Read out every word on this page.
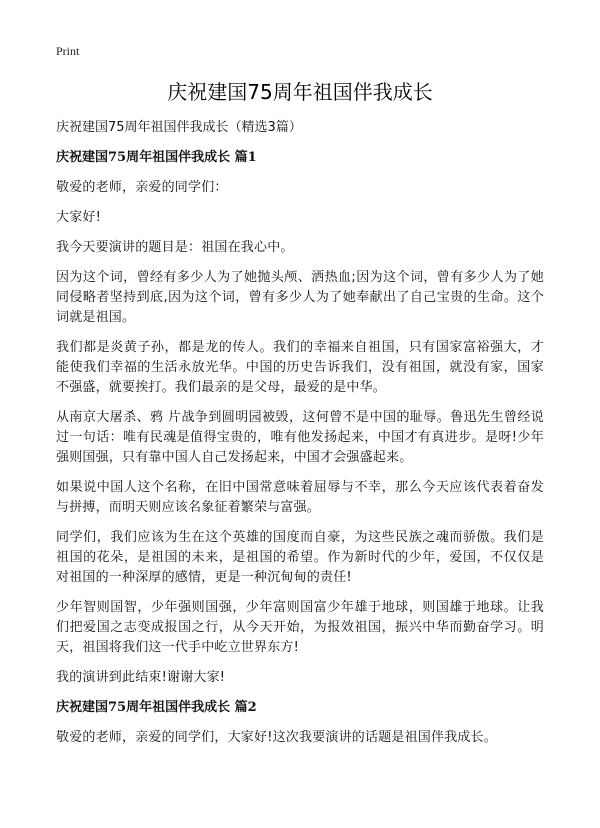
Print
庆祝建国75周年祖国伴我成长

庆祝建国75周年祖国伴我成长（精选3篇）

庆祝建国75周年祖国伴我成长 篇1

敬爱的老师，亲爱的同学们：

大家好!

我今天要演讲的题目是：祖国在我心中。

因为这个词，曾经有多少人为了她抛头颅、洒热血;因为这个词，曾有多少人为了她同侵略者坚持到底,因为这个词，曾有多少人为了她奉献出了自己宝贵的生命。这个词就是祖国。

我们都是炎黄子孙，都是龙的传人。我们的幸福来自祖国，只有国家富裕强大，才能使我们幸福的生活永放光华。中国的历史告诉我们，没有祖国，就没有家，国家不强盛，就要挨打。我们最亲的是父母，最爱的是中华。

从南京大屠杀、鸦 片战争到圆明园被毁，这何曾不是中国的耻辱。鲁迅先生曾经说过一句话：唯有民魂是值得宝贵的，唯有他发扬起来，中国才有真进步。是呀!少年强则国强，只有靠中国人自己发扬起来，中国才会强盛起来。

如果说中国人这个名称，在旧中国常意味着屈辱与不幸，那么今天应该代表着奋发与拼搏，而明天则应该名象征着繁荣与富强。

同学们，我们应该为生在这个英雄的国度而自豪，为这些民族之魂而骄傲。我们是祖国的花朵，是祖国的未来，是祖国的希望。作为新时代的少年，爱国，不仅仅是对祖国的一种深厚的感情，更是一种沉甸甸的责任!

少年智则国智，少年强则国强，少年富则国富少年雄于地球，则国雄于地球。让我们把爱国之志变成报国之行，从今天开始，为报效祖国，振兴中华而勤奋学习。明天，祖国将我们这一代手中屹立世界东方!

我的演讲到此结束!谢谢大家!

庆祝建国75周年祖国伴我成长 篇2

敬爱的老师，亲爱的同学们，大家好!这次我要演讲的话题是祖国伴我成长。
